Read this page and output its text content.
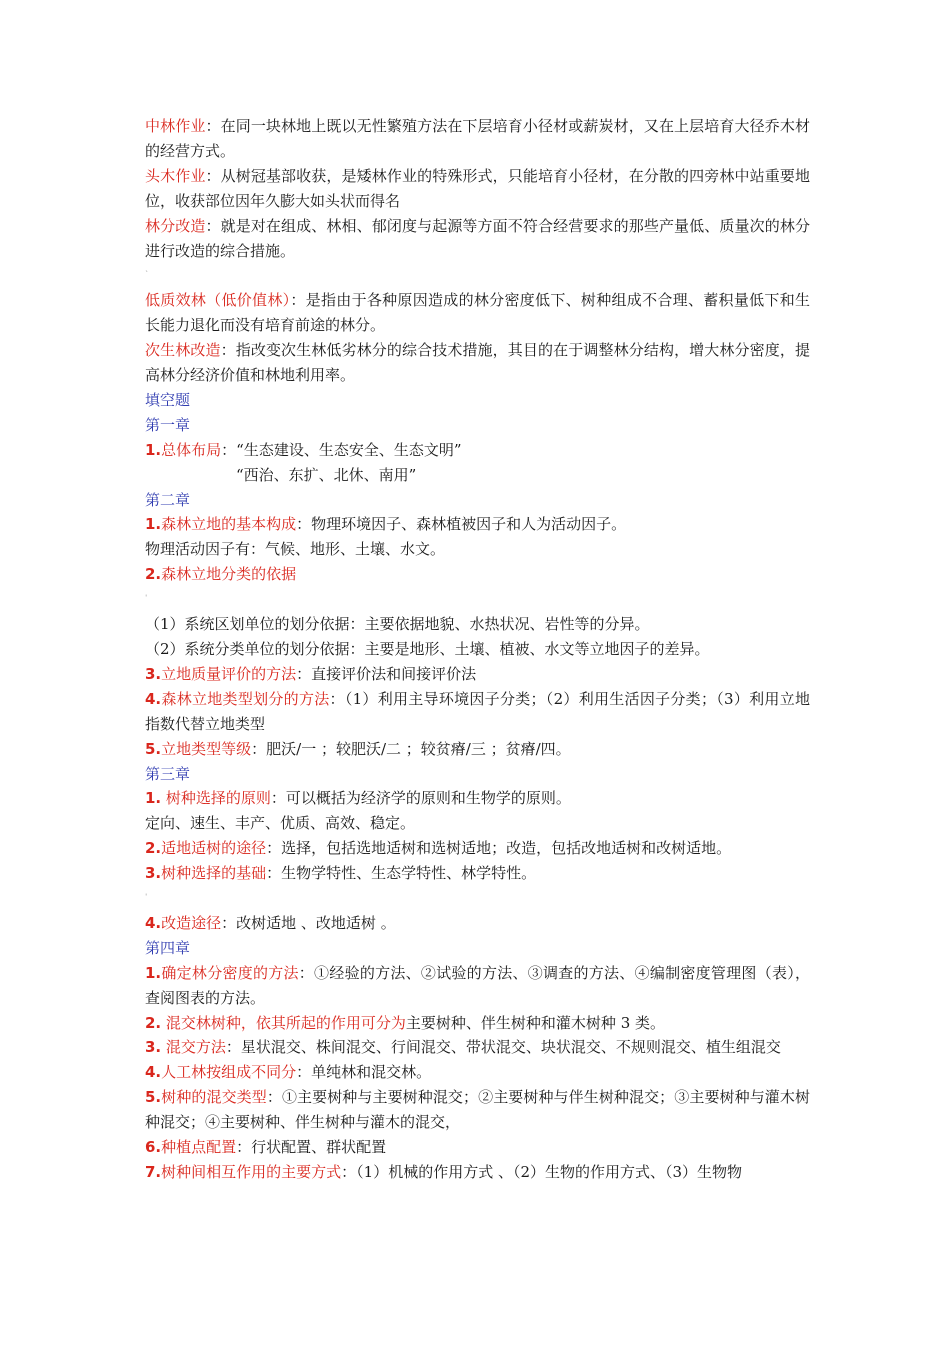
中林作业：在同一块林地上既以无性繁殖方法在下层培育小径材或薪炭材，又在上层培育大径乔木材的经营方式。

头木作业：从树冠基部收获，是矮林作业的特殊形式，只能培育小径材，在分散的四旁林中站重要地位，收获部位因年久膨大如头状而得名

林分改造：就是对在组成、林相、郁闭度与起源等方面不符合经营要求的那些产量低、质量次的林分进行改造的综合措施。

`

低质效林（低价值林）：是指由于各种原因造成的林分密度低下、树种组成不合理、蓄积量低下和生长能力退化而没有培育前途的林分。

次生林改造：指改变次生林低劣林分的综合技术措施，其目的在于调整林分结构，增大林分密度，提高林分经济价值和林地利用率。

填空题

第一章

1.总体布局：“生态建设、生态安全、生态文明”

“西治、东扩、北休、南用”

第二章

1.森林立地的基本构成：物理环境因子、森林植被因子和人为活动因子。

物理活动因子有：气候、地形、土壤、水文。

2.森林立地分类的依据

ˈ

（1）系统区划单位的划分依据：主要依据地貌、水热状况、岩性等的分异。

（2）系统分类单位的划分依据：主要是地形、土壤、植被、水文等立地因子的差异。

3.立地质量评价的方法：直接评价法和间接评价法

4.森林立地类型划分的方法：（1）利用主导环境因子分类；（2）利用生活因子分类；（3）利用立地指数代替立地类型

5.立地类型等级：肥沃/一 ；较肥沃/二 ；较贫瘠/三 ；贫瘠/四。

第三章

1. 树种选择的原则：可以概括为经济学的原则和生物学的原则。

定向、速生、丰产、优质、高效、稳定。

2.适地适树的途径：选择，包括选地适树和选树适地；改造，包括改地适树和改树适地。

3.树种选择的基础：生物学特性、生态学特性、林学特性。

ˈ

4.改造途径：改树适地 、改地适树 。

第四章

1.确定林分密度的方法：①经验的方法、②试验的方法、③调查的方法、④编制密度管理图（表），查阅图表的方法。

2. 混交林树种，依其所起的作用可分为主要树种、伴生树种和灌木树种 3 类。

3. 混交方法：星状混交、株间混交、行间混交、带状混交、块状混交、不规则混交、植生组混交

4.人工林按组成不同分：单纯林和混交林。

5.树种的混交类型：①主要树种与主要树种混交；②主要树种与伴生树种混交；③主要树种与灌木树种混交；④主要树种、伴生树种与灌木的混交，

6.种植点配置：行状配置、群状配置

7.树种间相互作用的主要方式：（1）机械的作用方式 、（2）生物的作用方式、（3）生物物
